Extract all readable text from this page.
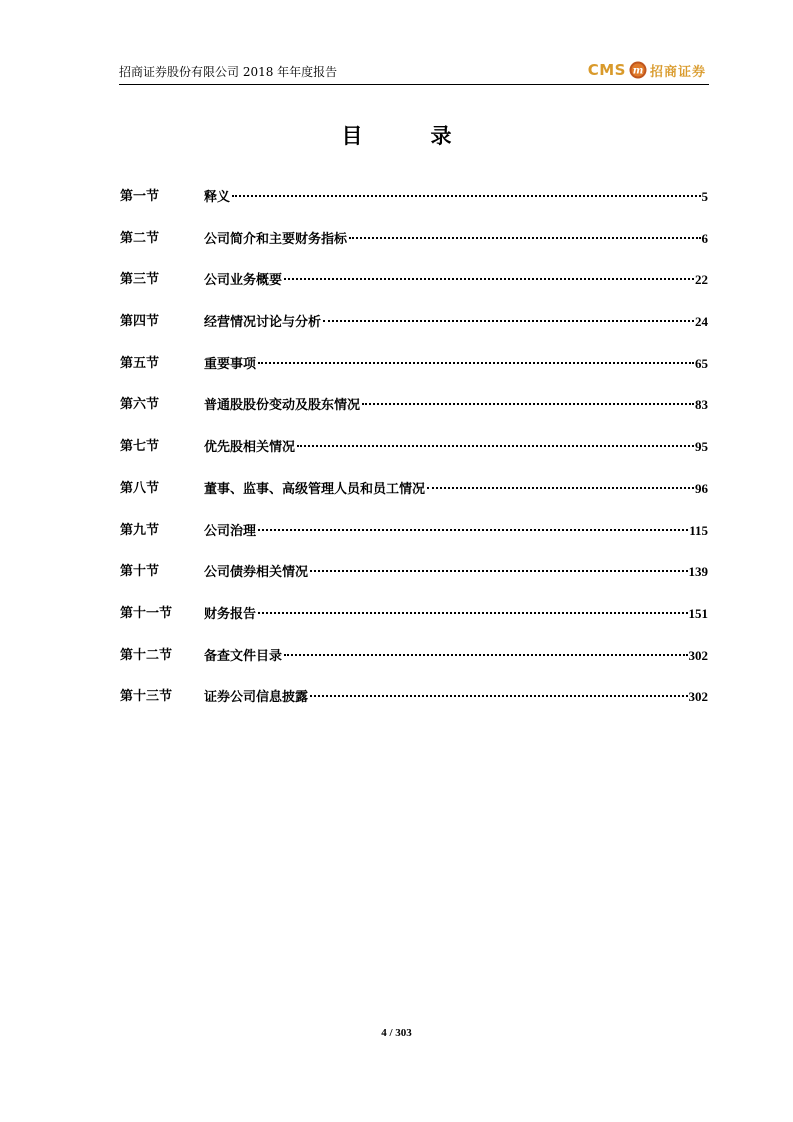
招商证券股份有限公司 2018 年年度报告	CMS m 招商证券
目录
第一节	释义	5
第二节	公司简介和主要财务指标	6
第三节	公司业务概要	22
第四节	经营情况讨论与分析	24
第五节	重要事项	65
第六节	普通股股份变动及股东情况	83
第七节	优先股相关情况	95
第八节	董事、监事、高级管理人员和员工情况	96
第九节	公司治理	115
第十节	公司债券相关情况	139
第十一节	财务报告	151
第十二节	备查文件目录	302
第十三节	证券公司信息披露	302
4 / 303
